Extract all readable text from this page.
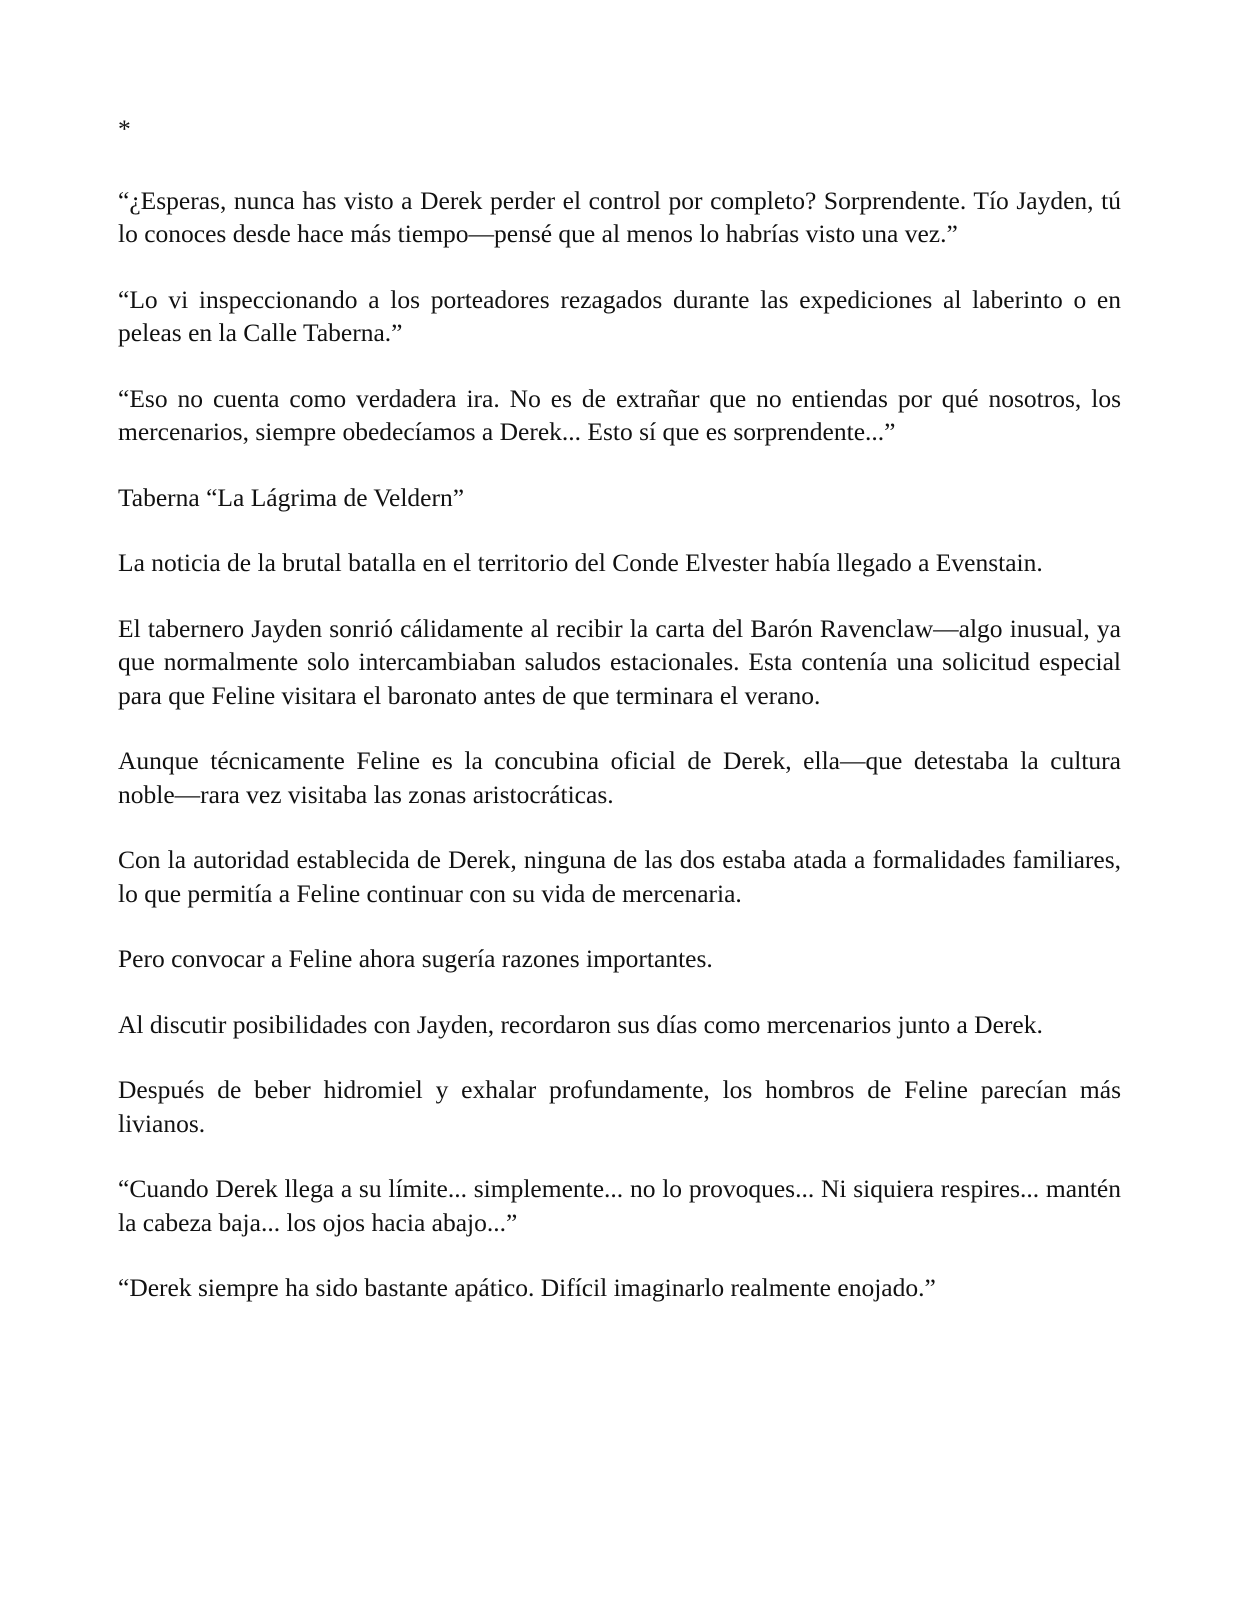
*

“¿Esperas, nunca has visto a Derek perder el control por completo? Sorprendente. Tío Jayden, tú lo conoces desde hace más tiempo—pensé que al menos lo habrías visto una vez.”

“Lo vi inspeccionando a los porteadores rezagados durante las expediciones al laberinto o en peleas en la Calle Taberna.”

“Eso no cuenta como verdadera ira. No es de extrañar que no entiendas por qué nosotros, los mercenarios, siempre obedecíamos a Derek... Esto sí que es sorprendente...”

Taberna “La Lágrima de Veldern”

La noticia de la brutal batalla en el territorio del Conde Elvester había llegado a Evenstain.

El tabernero Jayden sonrió cálidamente al recibir la carta del Barón Ravenclaw—algo inusual, ya que normalmente solo intercambiaban saludos estacionales. Esta contenía una solicitud especial para que Feline visitara el baronato antes de que terminara el verano.

Aunque técnicamente Feline es la concubina oficial de Derek, ella—que detestaba la cultura noble—rara vez visitaba las zonas aristocráticas.

Con la autoridad establecida de Derek, ninguna de las dos estaba atada a formalidades familiares, lo que permitía a Feline continuar con su vida de mercenaria.

Pero convocar a Feline ahora sugería razones importantes.

Al discutir posibilidades con Jayden, recordaron sus días como mercenarios junto a Derek.

Después de beber hidromiel y exhalar profundamente, los hombros de Feline parecían más livianos.

“Cuando Derek llega a su límite... simplemente... no lo provoques... Ni siquiera respires... mantén la cabeza baja... los ojos hacia abajo...”

“Derek siempre ha sido bastante apático. Difícil imaginarlo realmente enojado.”
